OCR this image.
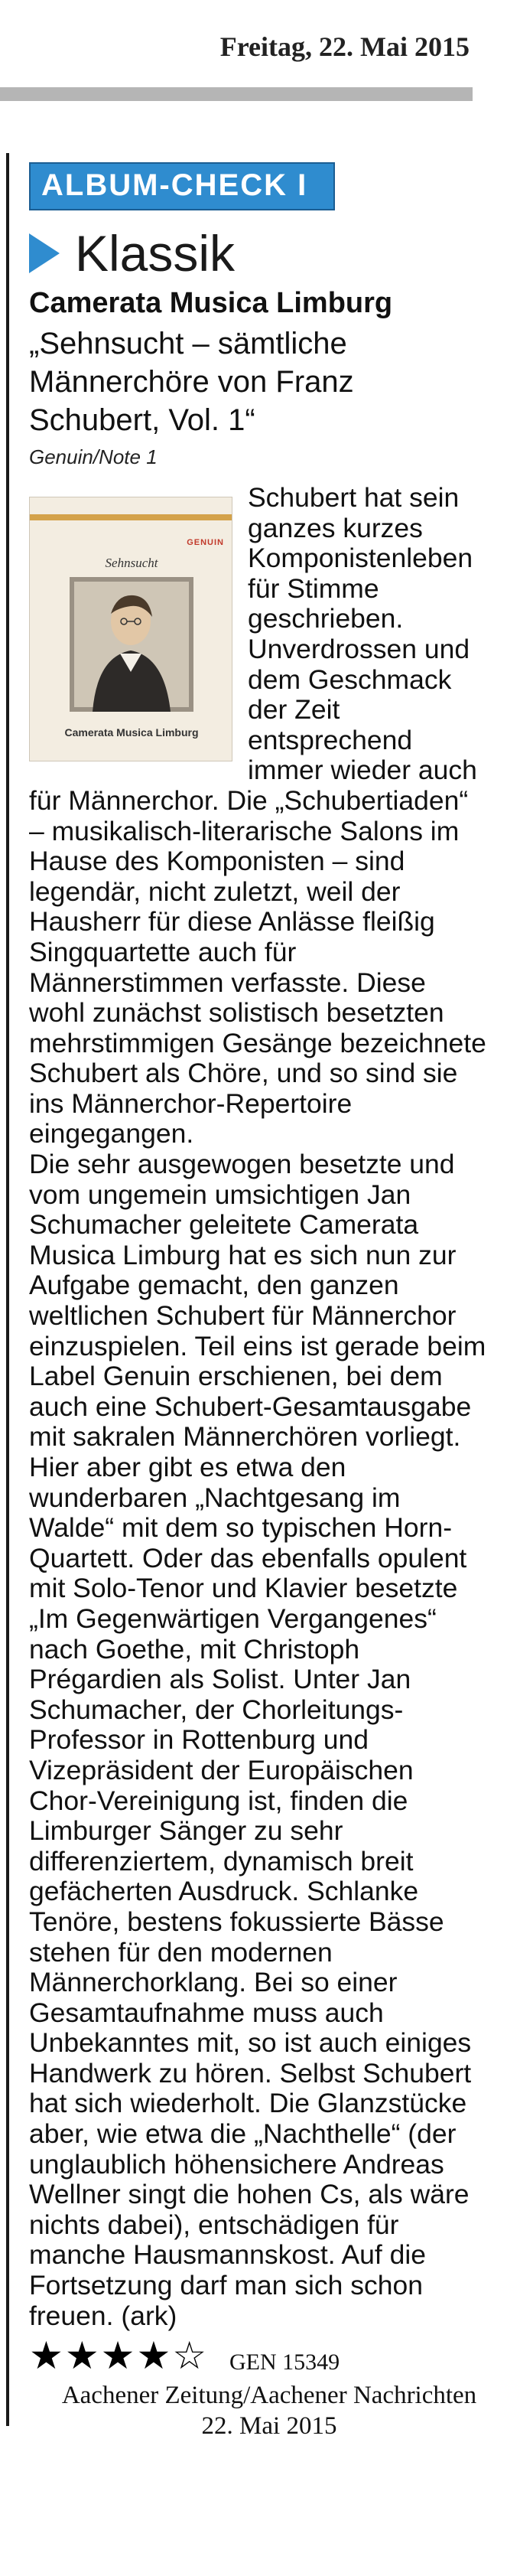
Freitag, 22. Mai 2015
ALBUM-CHECK I
Klassik
Camerata Musica Limburg
„Sehnsucht – sämtliche Männerchöre von Franz Schubert, Vol. 1“
Genuin/Note 1
GENUIN
Sehnsucht
Camerata Musica Limburg

Schubert hat sein ganzes kurzes Komponistenleben für Stimme geschrieben. Unverdrossen und dem Geschmack der Zeit entsprechend immer wieder auch für Männerchor. Die „Schubertiaden“ – musikalisch-literarische Salons im Hause des Komponisten – sind legendär, nicht zuletzt, weil der Hausherr für diese Anlässe fleißig Singquartette auch für Männerstimmen verfasste. Diese wohl zunächst solistisch besetzten mehrstimmigen Gesänge bezeichnete Schubert als Chöre, und so sind sie ins Männerchor-Repertoire eingegangen.

Die sehr ausgewogen besetzte und vom ungemein umsichtigen Jan Schumacher geleitete Camerata Musica Limburg hat es sich nun zur Aufgabe gemacht, den ganzen weltlichen Schubert für Männerchor einzuspielen. Teil eins ist gerade beim Label Genuin erschienen, bei dem auch eine Schubert-Gesamtausgabe mit sakralen Männerchören vorliegt. Hier aber gibt es etwa den wunderbaren „Nachtgesang im Walde“ mit dem so typischen Horn-Quartett. Oder das ebenfalls opulent mit Solo-Tenor und Klavier besetzte „Im Gegenwärtigen Vergangenes“ nach Goethe, mit Christoph Prégardien als Solist. Unter Jan Schumacher, der Chorleitungs-Professor in Rottenburg und Vizepräsident der Europäischen Chor-Vereinigung ist, finden die Limburger Sänger zu sehr differenziertem, dynamisch breit gefächerten Ausdruck. Schlanke Tenöre, bestens fokussierte Bässe stehen für den modernen Männerchorklang. Bei so einer Gesamtaufnahme muss auch Unbekanntes mit, so ist auch einiges Handwerk zu hören. Selbst Schubert hat sich wiederholt. Die Glanzstücke aber, wie etwa die „Nachthelle“ (der unglaublich höhensichere Andreas Wellner singt die hohen Cs, als wäre nichts dabei), entschädigen für manche Hausmannskost. Auf die Fortsetzung darf man sich schon freuen. (ark)

★★★★☆ GEN 15349
Aachener Zeitung/Aachener Nachrichten
22. Mai 2015
